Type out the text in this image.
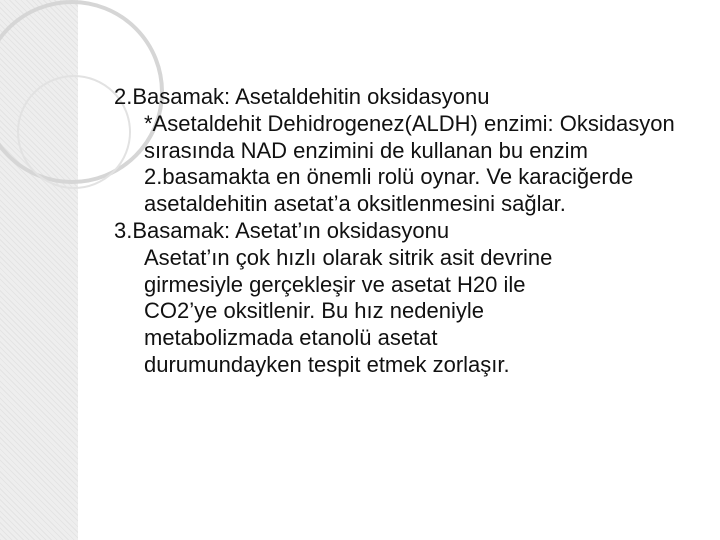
2.Basamak: Asetaldehitin oksidasyonu
*Asetaldehit Dehidrogenez(ALDH) enzimi: Oksidasyon
sırasında NAD enzimini de kullanan bu enzim
2.basamakta en önemli rolü oynar. Ve karaciğerde
asetaldehitin asetat’a oksitlenmesini sağlar.
3.Basamak: Asetat’ın oksidasyonu
Asetat’ın çok hızlı olarak sitrik asit devrine
girmesiyle gerçekleşir ve asetat H20 ile
CO2’ye oksitlenir. Bu hız nedeniyle
metabolizmada etanolü asetat
durumundayken tespit etmek zorlaşır.
